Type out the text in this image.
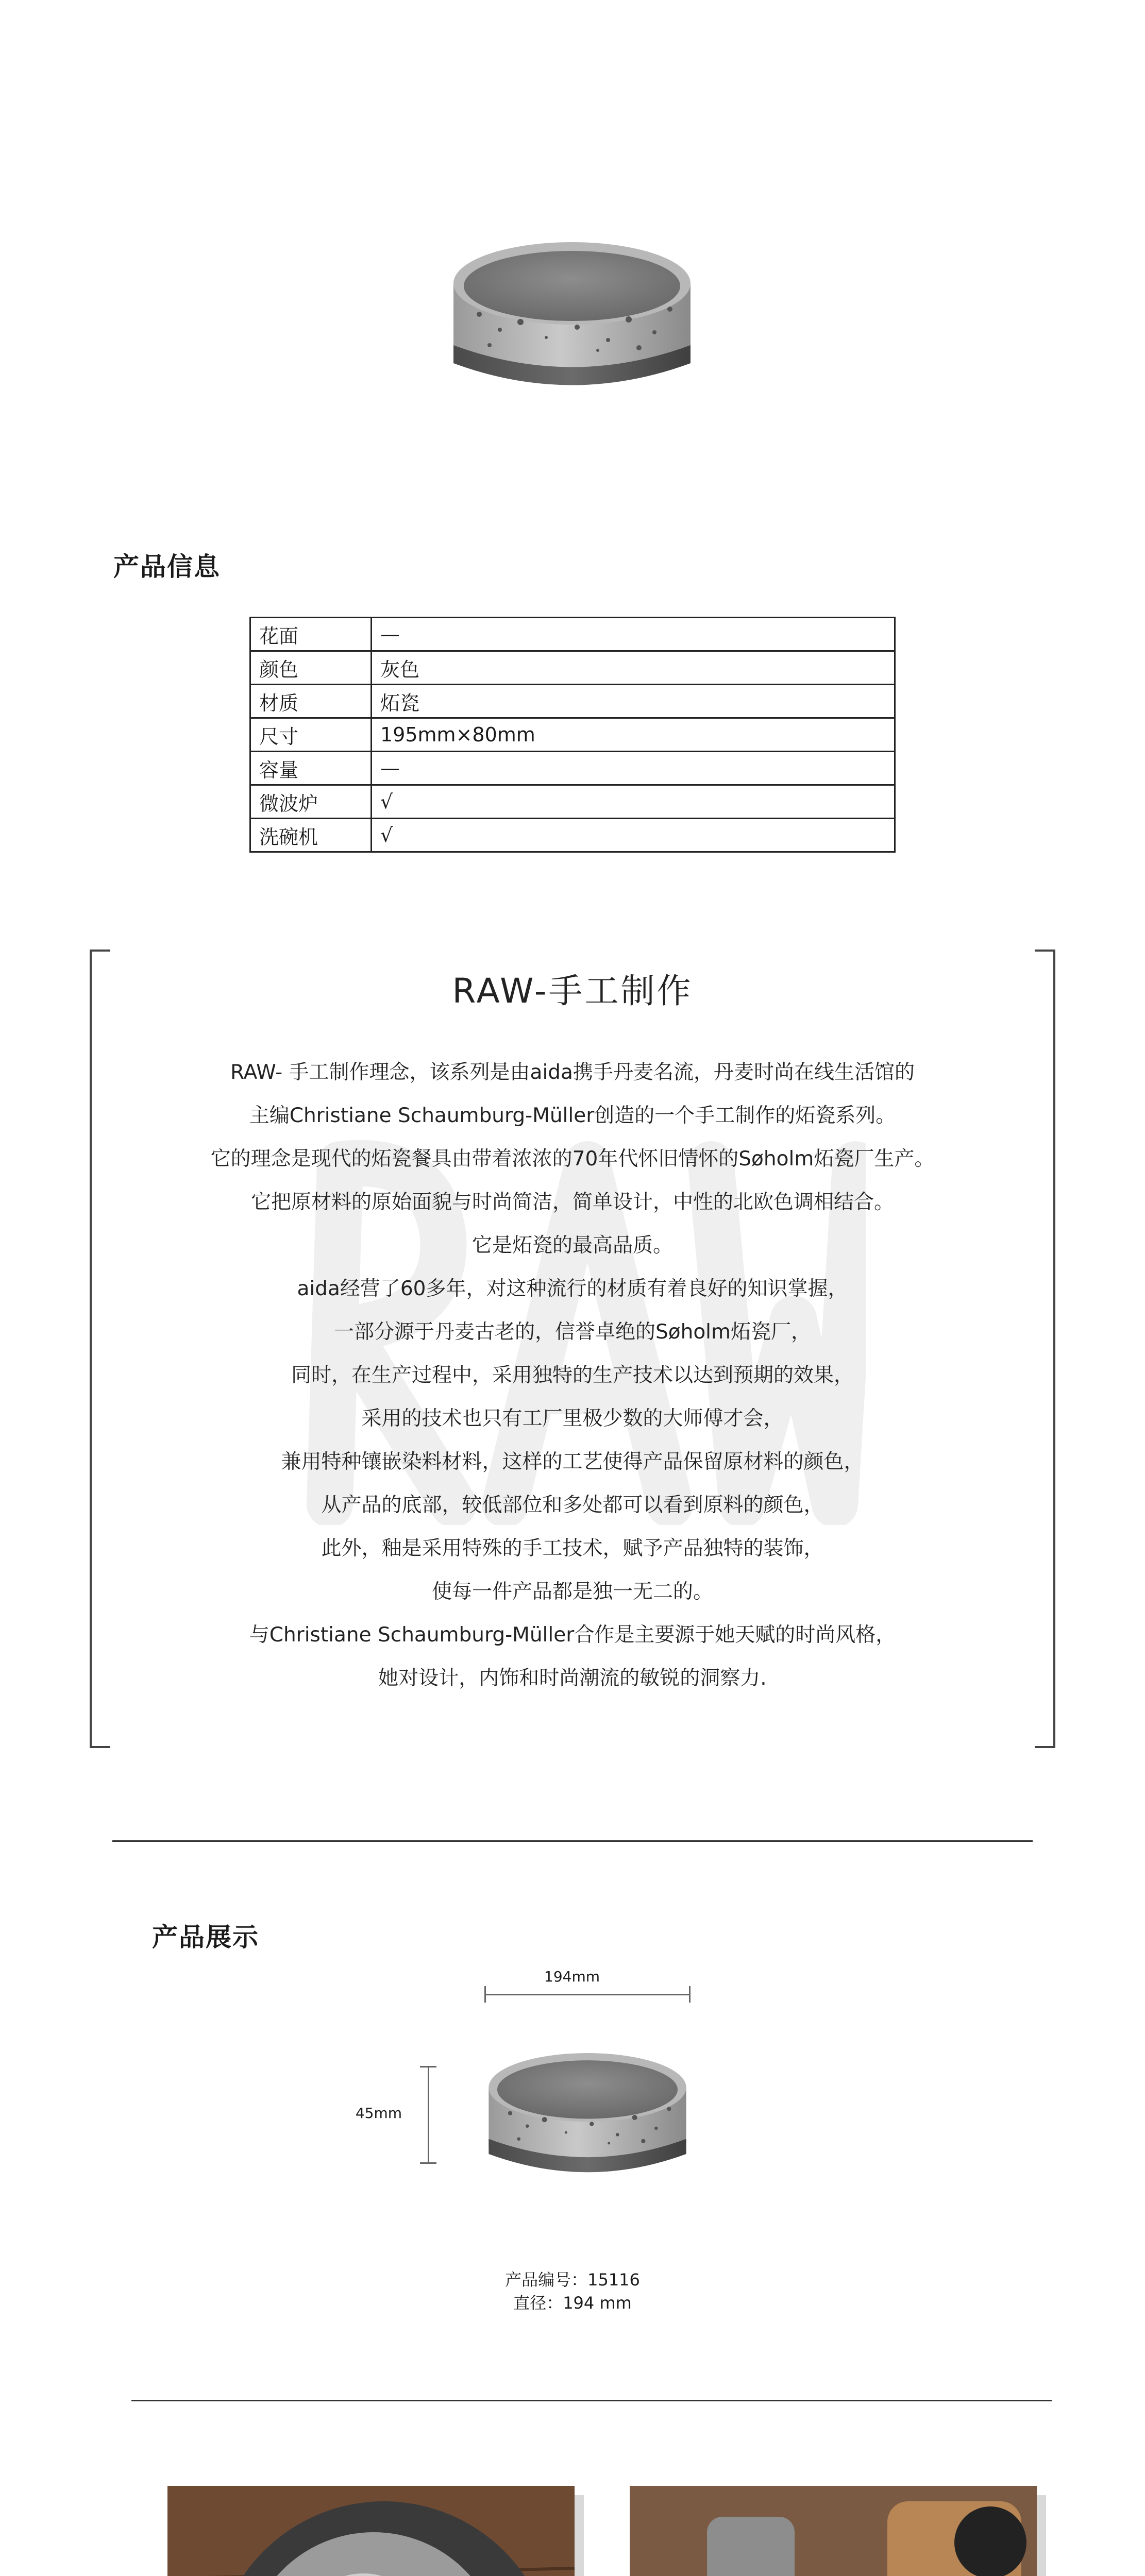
产品信息
花面	—
颜色	灰色
材质	炻瓷
尺寸	195mm×80mm
容量	—
微波炉	√
洗碗机	√
RAW-手工制作
RAW- 手工制作理念，该系列是由aida携手丹麦名流，丹麦时尚在线生活馆的
主编Christiane Schaumburg-Müller创造的一个手工制作的炻瓷系列。
它的理念是现代的炻瓷餐具由带着浓浓的70年代怀旧情怀的Søholm炻瓷厂生产。
它把原材料的原始面貌与时尚简洁，简单设计，中性的北欧色调相结合。
它是炻瓷的最高品质。
aida经营了60多年，对这种流行的材质有着良好的知识掌握，
一部分源于丹麦古老的，信誉卓绝的Søholm炻瓷厂，
同时，在生产过程中，采用独特的生产技术以达到预期的效果，
采用的技术也只有工厂里极少数的大师傅才会，
兼用特种镶嵌染料材料，这样的工艺使得产品保留原材料的颜色，
从产品的底部，较低部位和多处都可以看到原料的颜色，
此外，釉是采用特殊的手工技术，赋予产品独特的装饰，
使每一件产品都是独一无二的。
与Christiane Schaumburg-Müller合作是主要源于她天赋的时尚风格，
她对设计，内饰和时尚潮流的敏锐的洞察力.
产品展示
194mm
45mm
产品编号：15116
直径：194 mm
